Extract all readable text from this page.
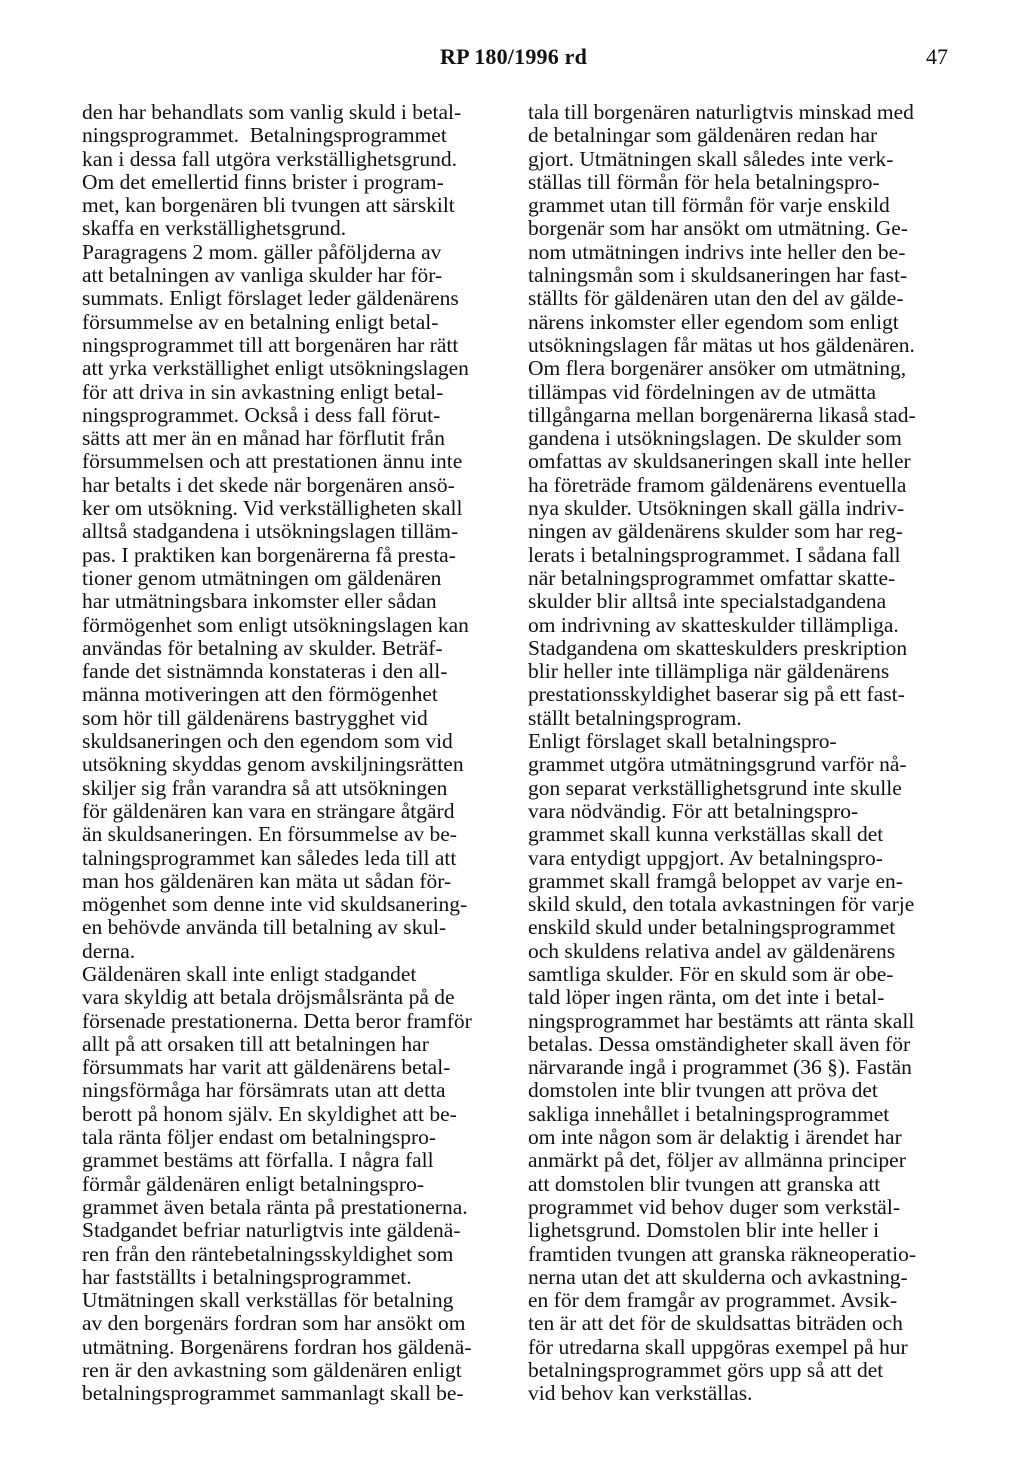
RP 180/1996 rd	47
den har behandlats som vanlig skuld i betal-
ningsprogrammet.  Betalningsprogrammet
kan i dessa fall utgöra verkställighetsgrund.
Om det emellertid finns brister i program-
met, kan borgenären bli tvungen att särskilt
skaffa en verkställighetsgrund.
Paragragens 2 mom. gäller påföljderna av
att betalningen av vanliga skulder har för-
summats. Enligt förslaget leder gäldenärens
försummelse av en betalning enligt betal-
ningsprogrammet till att borgenären har rätt
att yrka verkställighet enligt utsökningslagen
för att driva in sin avkastning enligt betal-
ningsprogrammet. Också i dess fall förut-
sätts att mer än en månad har förflutit från
försummelsen och att prestationen ännu inte
har betalts i det skede när borgenären ansö-
ker om utsökning. Vid verkställigheten skall
alltså stadgandena i utsökningslagen tilläm-
pas. I praktiken kan borgenärerna få presta-
tioner genom utmätningen om gäldenären
har utmätningsbara inkomster eller sådan
förmögenhet som enligt utsökningslagen kan
användas för betalning av skulder. Beträf-
fande det sistnämnda konstateras i den all-
männa motiveringen att den förmögenhet
som hör till gäldenärens bastrygghet vid
skuldsaneringen och den egendom som vid
utsökning skyddas genom avskiljningsrätten
skiljer sig från varandra så att utsökningen
för gäldenären kan vara en strängare åtgärd
än skuldsaneringen. En försummelse av be-
talningsprogrammet kan således leda till att
man hos gäldenären kan mäta ut sådan för-
mögenhet som denne inte vid skuldsanering-
en behövde använda till betalning av skul-
derna.
Gäldenären skall inte enligt stadgandet
vara skyldig att betala dröjsmålsränta på de
försenade prestationerna. Detta beror framför
allt på att orsaken till att betalningen har
försummats har varit att gäldenärens betal-
ningsförmåga har försämrats utan att detta
berott på honom själv. En skyldighet att be-
tala ränta följer endast om betalningspro-
grammet bestäms att förfalla. I några fall
förmår gäldenären enligt betalningspro-
grammet även betala ränta på prestationerna.
Stadgandet befriar naturligtvis inte gäldenä-
ren från den räntebetalningsskyldighet som
har fastställts i betalningsprogrammet.
Utmätningen skall verkställas för betalning
av den borgenärs fordran som har ansökt om
utmätning. Borgenärens fordran hos gäldenä-
ren är den avkastning som gäldenären enligt
betalningsprogrammet sammanlagt skall be-
tala till borgenären naturligtvis minskad med
de betalningar som gäldenären redan har
gjort. Utmätningen skall således inte verk-
ställas till förmån för hela betalningspro-
grammet utan till förmån för varje enskild
borgenär som har ansökt om utmätning. Ge-
nom utmätningen indrivs inte heller den be-
talningsmån som i skuldsaneringen har fast-
ställts för gäldenären utan den del av gälde-
närens inkomster eller egendom som enligt
utsökningslagen får mätas ut hos gäldenären.
Om flera borgenärer ansöker om utmätning,
tillämpas vid fördelningen av de utmätta
tillgångarna mellan borgenärerna likaså stad-
gandena i utsökningslagen. De skulder som
omfattas av skuldsaneringen skall inte heller
ha företräde framom gäldenärens eventuella
nya skulder. Utsökningen skall gälla indriv-
ningen av gäldenärens skulder som har reg-
lerats i betalningsprogrammet. I sådana fall
när betalningsprogrammet omfattar skatte-
skulder blir alltså inte specialstadgandena
om indrivning av skatteskulder tillämpliga.
Stadgandena om skatteskulders preskription
blir heller inte tillämpliga när gäldenärens
prestationsskyldighet baserar sig på ett fast-
ställt betalningsprogram.
Enligt förslaget skall betalningspro-
grammet utgöra utmätningsgrund varför nå-
gon separat verkställighetsgrund inte skulle
vara nödvändig. För att betalningspro-
grammet skall kunna verkställas skall det
vara entydigt uppgjort. Av betalningspro-
grammet skall framgå beloppet av varje en-
skild skuld, den totala avkastningen för varje
enskild skuld under betalningsprogrammet
och skuldens relativa andel av gäldenärens
samtliga skulder. För en skuld som är obe-
tald löper ingen ränta, om det inte i betal-
ningsprogrammet har bestämts att ränta skall
betalas. Dessa omständigheter skall även för
närvarande ingå i programmet (36 §). Fastän
domstolen inte blir tvungen att pröva det
sakliga innehållet i betalningsprogrammet
om inte någon som är delaktig i ärendet har
anmärkt på det, följer av allmänna principer
att domstolen blir tvungen att granska att
programmet vid behov duger som verkstäl-
lighetsgrund. Domstolen blir inte heller i
framtiden tvungen att granska räkneoperatio-
nerna utan det att skulderna och avkastning-
en för dem framgår av programmet. Avsik-
ten är att det för de skuldsattas biträden och
för utredarna skall uppgöras exempel på hur
betalningsprogrammet görs upp så att det
vid behov kan verkställas.
